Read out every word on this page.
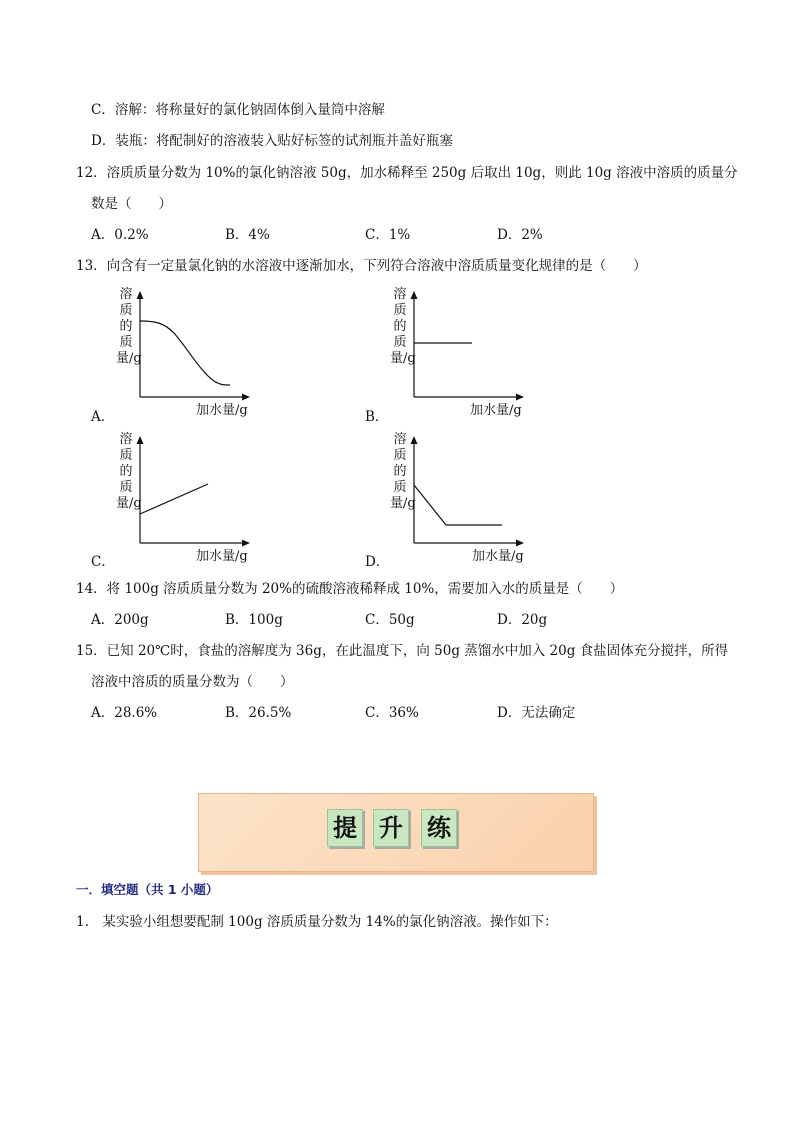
C．溶解：将称量好的氯化钠固体倒入量筒中溶解
D．装瓶：将配制好的溶液装入贴好标签的试剂瓶并盖好瓶塞
12．溶质质量分数为 10%的氯化钠溶液 50g，加水稀释至 250g 后取出 10g，则此 10g 溶液中溶质的质量分
数是（　　）
A．0.2%	B．4%	C．1%	D．2%
13．向含有一定量氯化钠的水溶液中逐渐加水，下列符合溶液中溶质质量变化规律的是（　　）
溶质的质量/g
加水量/g
A．
溶质的质量/g
加水量/g
B．
溶质的质量/g
加水量/g
C．
溶质的质量/g
加水量/g
D．
14．将 100g 溶质质量分数为 20%的硫酸溶液稀释成 10%，需要加入水的质量是（　　）
A．200g	B．100g	C．50g	D．20g
15．已知 20℃时，食盐的溶解度为 36g，在此温度下，向 50g 蒸馏水中加入 20g 食盐固体充分搅拌，所得
溶液中溶质的质量分数为（　　）
A．28.6%	B．26.5%	C．36%	D．无法确定
提 升 练
一．填空题（共 1 小题）
1.　某实验小组想要配制 100g 溶质质量分数为 14%的氯化钠溶液。操作如下：
